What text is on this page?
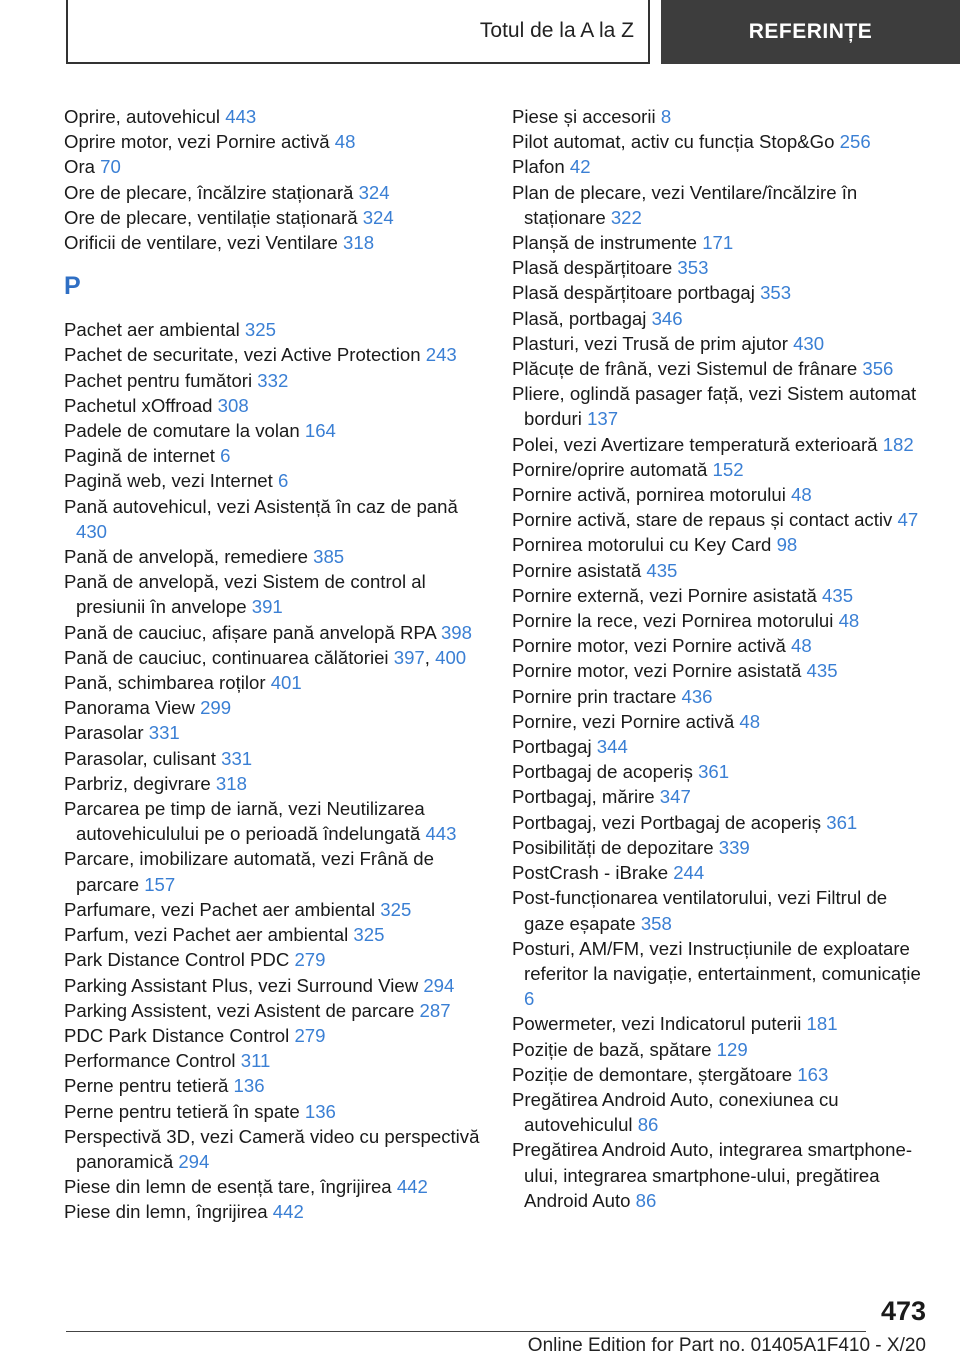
Totul de la A la Z	REFERINȚE
Oprire, autovehicul 443
Oprire motor, vezi Pornire activă 48
Ora 70
Ore de plecare, încălzire staționară 324
Ore de plecare, ventilație staționară 324
Orificii de ventilare, vezi Ventilare 318
P
Pachet aer ambiental 325
Pachet de securitate, vezi Active Protection 243
Pachet pentru fumători 332
Pachetul xOffroad 308
Padele de comutare la volan 164
Pagină de internet 6
Pagină web, vezi Internet 6
Pană autovehicul, vezi Asistență în caz de pană 430
Pană de anvelopă, remediere 385
Pană de anvelopă, vezi Sistem de control al presiunii în anvelope 391
Pană de cauciuc, afișare pană anvelopă RPA 398
Pană de cauciuc, continuarea călătoriei 397, 400
Pană, schimbarea roților 401
Panorama View 299
Parasolar 331
Parasolar, culisant 331
Parbriz, degivrare 318
Parcarea pe timp de iarnă, vezi Neutilizarea autovehiculului pe o perioadă îndelungată 443
Parcare, imobilizare automată, vezi Frână de parcare 157
Parfumare, vezi Pachet aer ambiental 325
Parfum, vezi Pachet aer ambiental 325
Park Distance Control PDC 279
Parking Assistant Plus, vezi Surround View 294
Parking Assistent, vezi Asistent de parcare 287
PDC Park Distance Control 279
Performance Control 311
Perne pentru tetieră 136
Perne pentru tetieră în spate 136
Perspectivă 3D, vezi Cameră video cu perspectivă panoramică 294
Piese din lemn de esență tare, îngrijirea 442
Piese din lemn, îngrijirea 442
Piese și accesorii 8
Pilot automat, activ cu funcția Stop&Go 256
Plafon 42
Plan de plecare, vezi Ventilare/încălzire în staționare 322
Planșă de instrumente 171
Plasă despărțitoare 353
Plasă despărțitoare portbagaj 353
Plasă, portbagaj 346
Plasturi, vezi Trusă de prim ajutor 430
Plăcuțe de frână, vezi Sistemul de frânare 356
Pliere, oglindă pasager față, vezi Sistem automat borduri 137
Polei, vezi Avertizare temperatură exterioară 182
Pornire/oprire automată 152
Pornire activă, pornirea motorului 48
Pornire activă, stare de repaus și contact activ 47
Pornirea motorului cu Key Card 98
Pornire asistată 435
Pornire externă, vezi Pornire asistată 435
Pornire la rece, vezi Pornirea motorului 48
Pornire motor, vezi Pornire activă 48
Pornire motor, vezi Pornire asistată 435
Pornire prin tractare 436
Pornire, vezi Pornire activă 48
Portbagaj 344
Portbagaj de acoperiș 361
Portbagaj, mărire 347
Portbagaj, vezi Portbagaj de acoperiș 361
Posibilități de depozitare 339
PostCrash - iBrake 244
Post-funcționarea ventilatorului, vezi Filtrul de gaze eșapate 358
Posturi, AM/FM, vezi Instrucțiunile de exploatare referitor la navigație, entertainment, comunicație 6
Powermeter, vezi Indicatorul puterii 181
Poziție de bază, spătare 129
Poziție de demontare, ștergătoare 163
Pregătirea Android Auto, conexiunea cu autovehiculul 86
Pregătirea Android Auto, integrarea smartphone-ului, integrarea smartphone-ului, pregătirea Android Auto 86
473
Online Edition for Part no. 01405A1F410 - X/20
